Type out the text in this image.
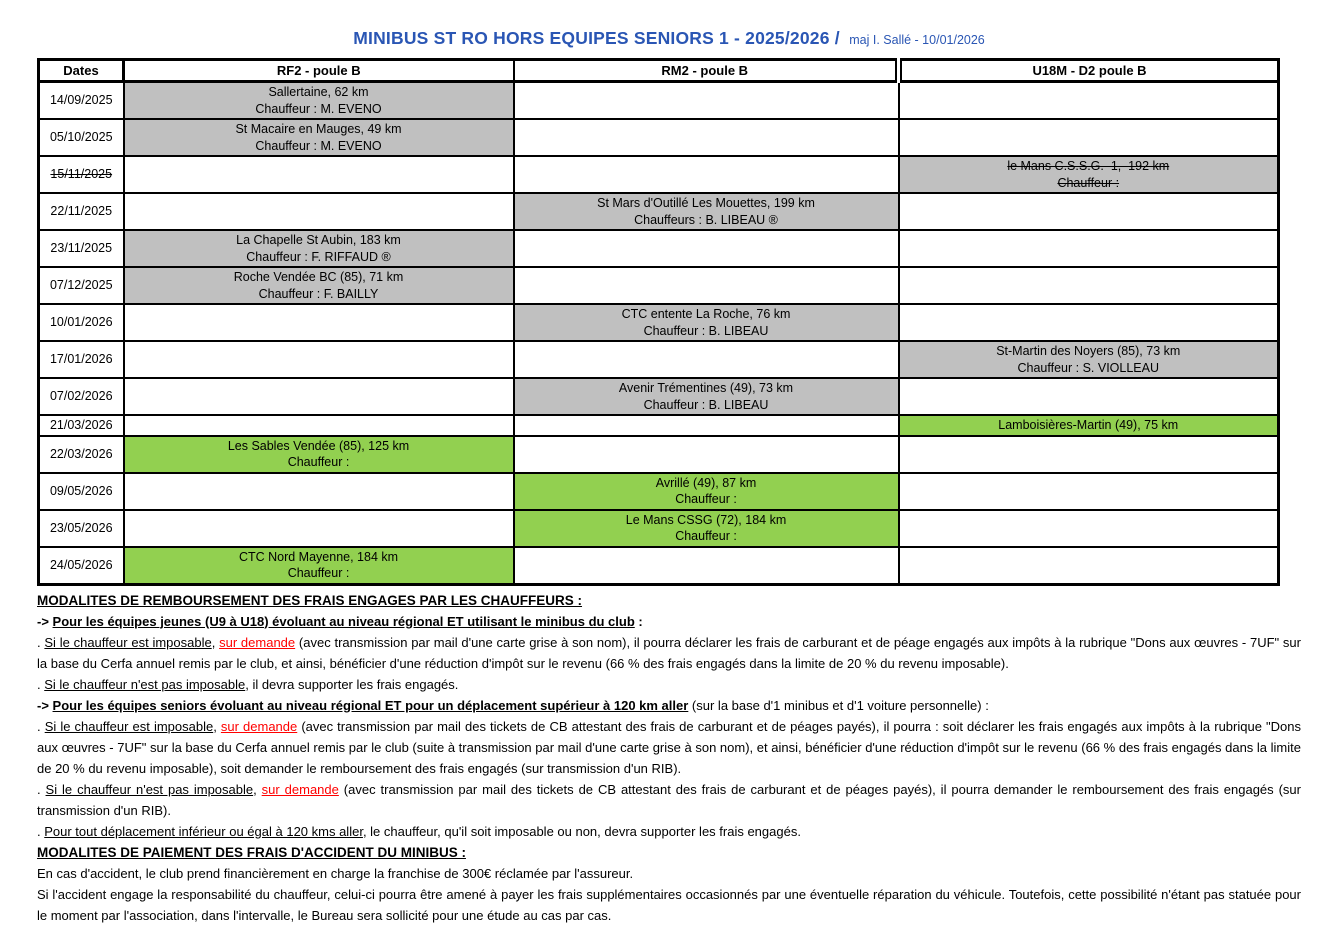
MINIBUS ST RO HORS EQUIPES SENIORS 1 - 2025/2026 / maj I. Sallé - 10/01/2026
Dates	RF2 - poule B	RM2 - poule B	U18M - D2 poule B
14/09/2025	Sallertaine, 62 km
Chauffeur : M. EVENO		

05/10/2025	St Macaire en Mauges, 49 km
Chauffeur : M. EVENO		

15/11/2025			le Mans C.S.S.G.  1,  192 km
Chauffeur :

22/11/2025		St Mars d'Outillé Les Mouettes, 199 km
Chauffeurs : B. LIBEAU ®	

23/11/2025	La Chapelle St Aubin, 183 km
Chauffeur : F. RIFFAUD ®		

07/12/2025	Roche Vendée BC (85), 71 km
Chauffeur : F. BAILLY		

10/01/2026		CTC entente La Roche, 76 km
Chauffeur : B. LIBEAU	

17/01/2026			St-Martin des Noyers (85), 73 km
Chauffeur : S. VIOLLEAU

07/02/2026		Avenir Trémentines (49), 73 km
Chauffeur : B. LIBEAU	

21/03/2026			Lamboisières-Martin (49), 75 km

22/03/2026	Les Sables Vendée (85), 125 km
Chauffeur :		

09/05/2026		Avrillé (49), 87 km
Chauffeur :	

23/05/2026		Le Mans CSSG (72), 184 km
Chauffeur :	

24/05/2026	CTC Nord Mayenne, 184 km
Chauffeur :		

MODALITES DE REMBOURSEMENT DES FRAIS ENGAGES PAR LES CHAUFFEURS :

-> Pour les équipes jeunes (U9 à U18) évoluant au niveau régional ET utilisant le minibus du club :

. Si le chauffeur est imposable, sur demande (avec transmission par mail d'une carte grise à son nom), il pourra déclarer les frais de carburant et de péage engagés aux impôts à la rubrique "Dons aux œuvres - 7UF" sur la base du Cerfa annuel remis par le club, et ainsi, bénéficier d'une réduction d'impôt sur le revenu (66 % des frais engagés dans la limite de 20 % du revenu imposable).

. Si le chauffeur n'est pas imposable, il devra supporter les frais engagés.

-> Pour les équipes seniors évoluant au niveau régional ET pour un déplacement supérieur à 120 km aller (sur la base d'1 minibus et d'1 voiture personnelle) :

. Si le chauffeur est imposable, sur demande (avec transmission par mail des tickets de CB attestant des frais de carburant et de péages payés), il pourra : soit déclarer les frais engagés aux impôts à la rubrique "Dons aux œuvres - 7UF" sur la base du Cerfa annuel remis par le club (suite à transmission par mail d'une carte grise à son nom), et ainsi, bénéficier d'une réduction d'impôt sur le revenu (66 % des frais engagés dans la limite de 20 % du revenu imposable), soit demander le remboursement des frais engagés (sur transmission d'un RIB).

. Si le chauffeur n'est pas imposable, sur demande (avec transmission par mail des tickets de CB attestant des frais de carburant et de péages payés), il pourra demander le remboursement des frais engagés (sur transmission d'un RIB).

. Pour tout déplacement inférieur ou égal à 120 kms aller, le chauffeur, qu'il soit imposable ou non, devra supporter les frais engagés.

MODALITES DE PAIEMENT DES FRAIS D'ACCIDENT DU MINIBUS :

En cas d'accident, le club prend financièrement en charge la franchise de 300€ réclamée par l'assureur.

Si l'accident engage la responsabilité du chauffeur, celui-ci pourra être amené à payer les frais supplémentaires occasionnés par une éventuelle réparation du véhicule. Toutefois, cette possibilité n'étant pas statuée pour le moment par l'association, dans l'intervalle, le Bureau sera sollicité pour une étude au cas par cas.
